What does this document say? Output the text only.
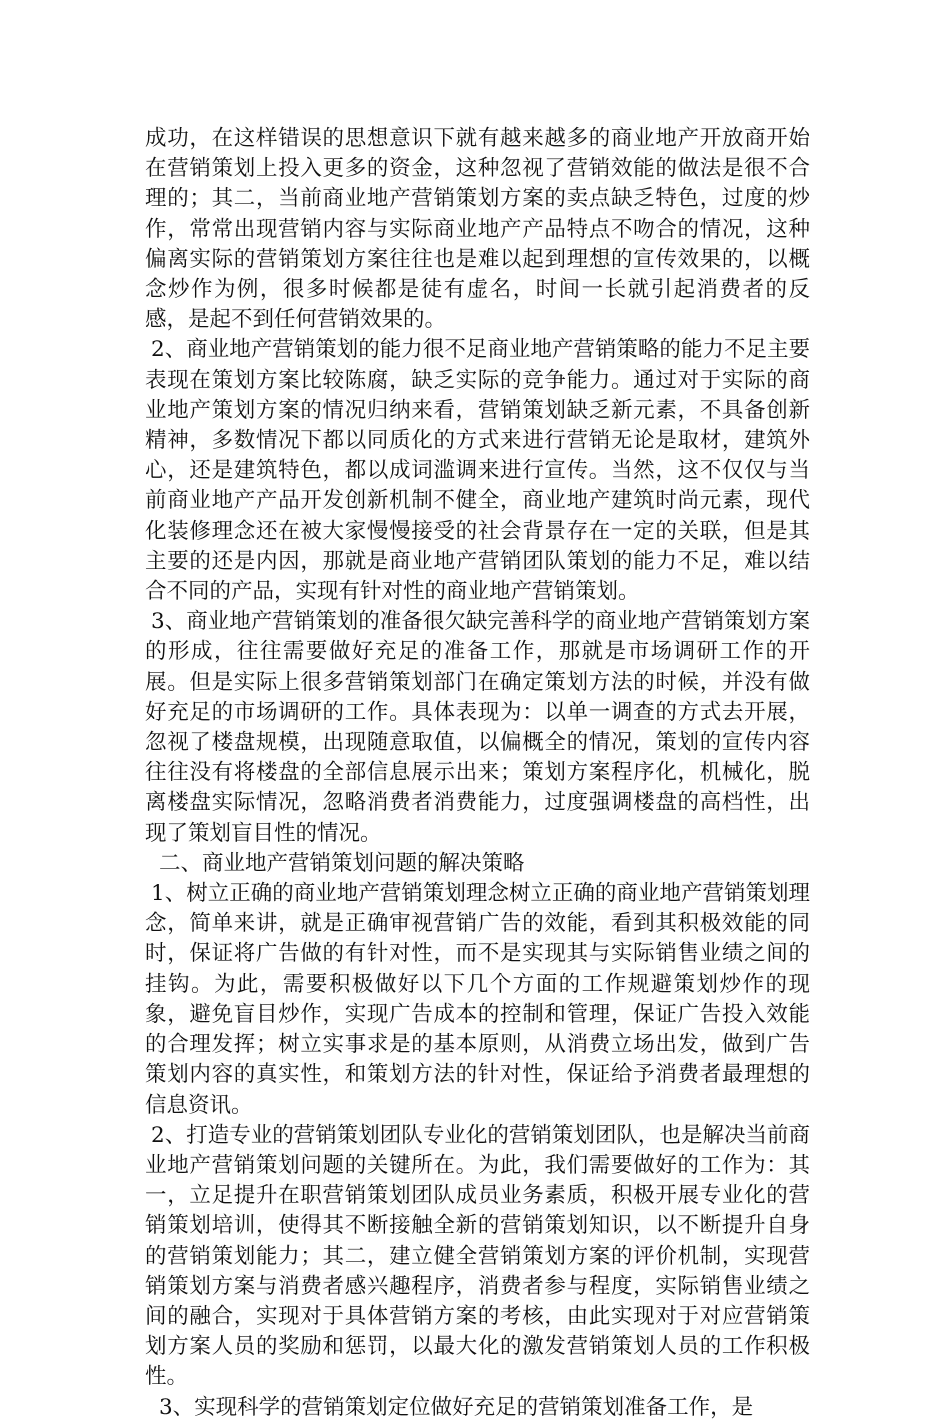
成功，在这样错误的思想意识下就有越来越多的商业地产开放商开始在营销策划上投入更多的资金，这种忽视了营销效能的做法是很不合理的；其二，当前商业地产营销策划方案的卖点缺乏特色，过度的炒作，常常出现营销内容与实际商业地产产品特点不吻合的情况，这种偏离实际的营销策划方案往往也是难以起到理想的宣传效果的，以概念炒作为例，很多时候都是徒有虚名，时间一长就引起消费者的反感，是起不到任何营销效果的。

2、商业地产营销策划的能力很不足商业地产营销策略的能力不足主要表现在策划方案比较陈腐，缺乏实际的竞争能力。通过对于实际的商业地产策划方案的情况归纳来看，营销策划缺乏新元素，不具备创新精神，多数情况下都以同质化的方式来进行营销无论是取材，建筑外心，还是建筑特色，都以成词滥调来进行宣传。当然，这不仅仅与当前商业地产产品开发创新机制不健全，商业地产建筑时尚元素，现代化装修理念还在被大家慢慢接受的社会背景存在一定的关联，但是其主要的还是内因，那就是商业地产营销团队策划的能力不足，难以结合不同的产品，实现有针对性的商业地产营销策划。

3、商业地产营销策划的准备很欠缺完善科学的商业地产营销策划方案的形成，往往需要做好充足的准备工作，那就是市场调研工作的开展。但是实际上很多营销策划部门在确定策划方法的时候，并没有做好充足的市场调研的工作。具体表现为：以单一调查的方式去开展，忽视了楼盘规模，出现随意取值，以偏概全的情况，策划的宣传内容往往没有将楼盘的全部信息展示出来；策划方案程序化，机械化，脱离楼盘实际情况，忽略消费者消费能力，过度强调楼盘的高档性，出现了策划盲目性的情况。

二、商业地产营销策划问题的解决策略

1、树立正确的商业地产营销策划理念树立正确的商业地产营销策划理念，简单来讲，就是正确审视营销广告的效能，看到其积极效能的同时，保证将广告做的有针对性，而不是实现其与实际销售业绩之间的挂钩。为此，需要积极做好以下几个方面的工作规避策划炒作的现象，避免盲目炒作，实现广告成本的控制和管理，保证广告投入效能的合理发挥；树立实事求是的基本原则，从消费立场出发，做到广告策划内容的真实性，和策划方法的针对性，保证给予消费者最理想的信息资讯。

2、打造专业的营销策划团队专业化的营销策划团队，也是解决当前商业地产营销策划问题的关键所在。为此，我们需要做好的工作为：其一，立足提升在职营销策划团队成员业务素质，积极开展专业化的营销策划培训，使得其不断接触全新的营销策划知识，以不断提升自身的营销策划能力；其二，建立健全营销策划方案的评价机制，实现营销策划方案与消费者感兴趣程序，消费者参与程度，实际销售业绩之间的融合，实现对于具体营销方案的考核，由此实现对于对应营销策划方案人员的奖励和惩罚，以最大化的激发营销策划人员的工作积极性。

3、实现科学的营销策划定位做好充足的营销策划准备工作，是
